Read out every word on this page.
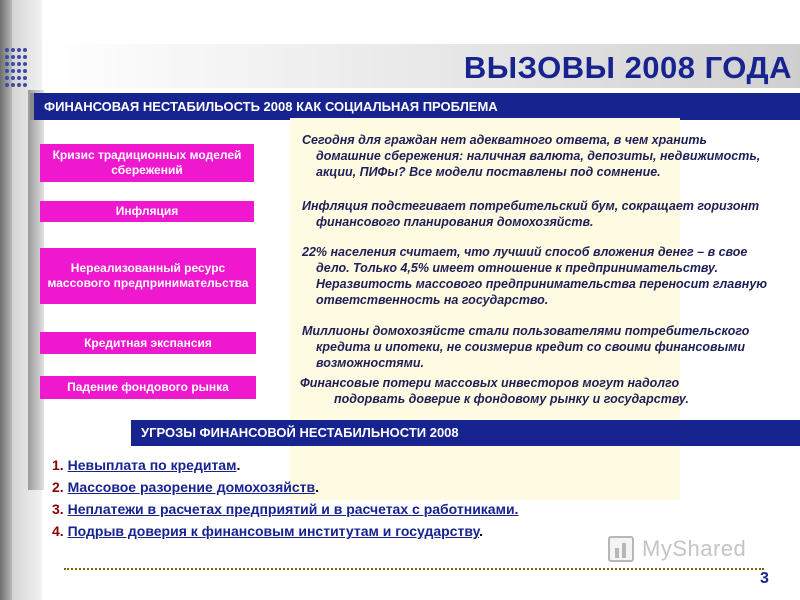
ВЫЗОВЫ 2008 ГОДА
ФИНАНСОВАЯ НЕСТАБИЛЬОСТЬ 2008 КАК СОЦИАЛЬНАЯ ПРОБЛЕМА
Кризис традиционных моделей сбережений
Инфляция
Нереализованный ресурс массового предпринимательства
Кредитная экспансия
Падение фондового рынка
Сегодня для граждан нет адекватного ответа, в чем хранить домашние сбережения: наличная валюта, депозиты, недвижимость, акции, ПИФы? Все модели поставлены под сомнение.
Инфляция подстегивает потребительский бум, сокращает горизонт финансового планирования домохозяйств.
22% населения считает, что лучший способ вложения денег – в свое дело. Только 4,5% имеет отношение к предпринимательству. Неразвитость массового предпринимательства переносит главную ответственность на государство.
Миллионы домохозяйсте стали пользователями потребительского кредита и ипотеки, не соизмерив кредит со своими финансовыми возможностями.
Финансовые потери массовых инвесторов могут надолго подорвать доверие к фондовому рынку и государству.
УГРОЗЫ ФИНАНСОВОЙ НЕСТАБИЛЬНОСТИ 2008
1. Невыплата по кредитам.
2. Массовое разорение домохозяйств.
3. Неплатежи в расчетах предприятий и в расчетах с работниками.
4. Подрыв доверия к финансовым институтам и государству.
MyShared
3
